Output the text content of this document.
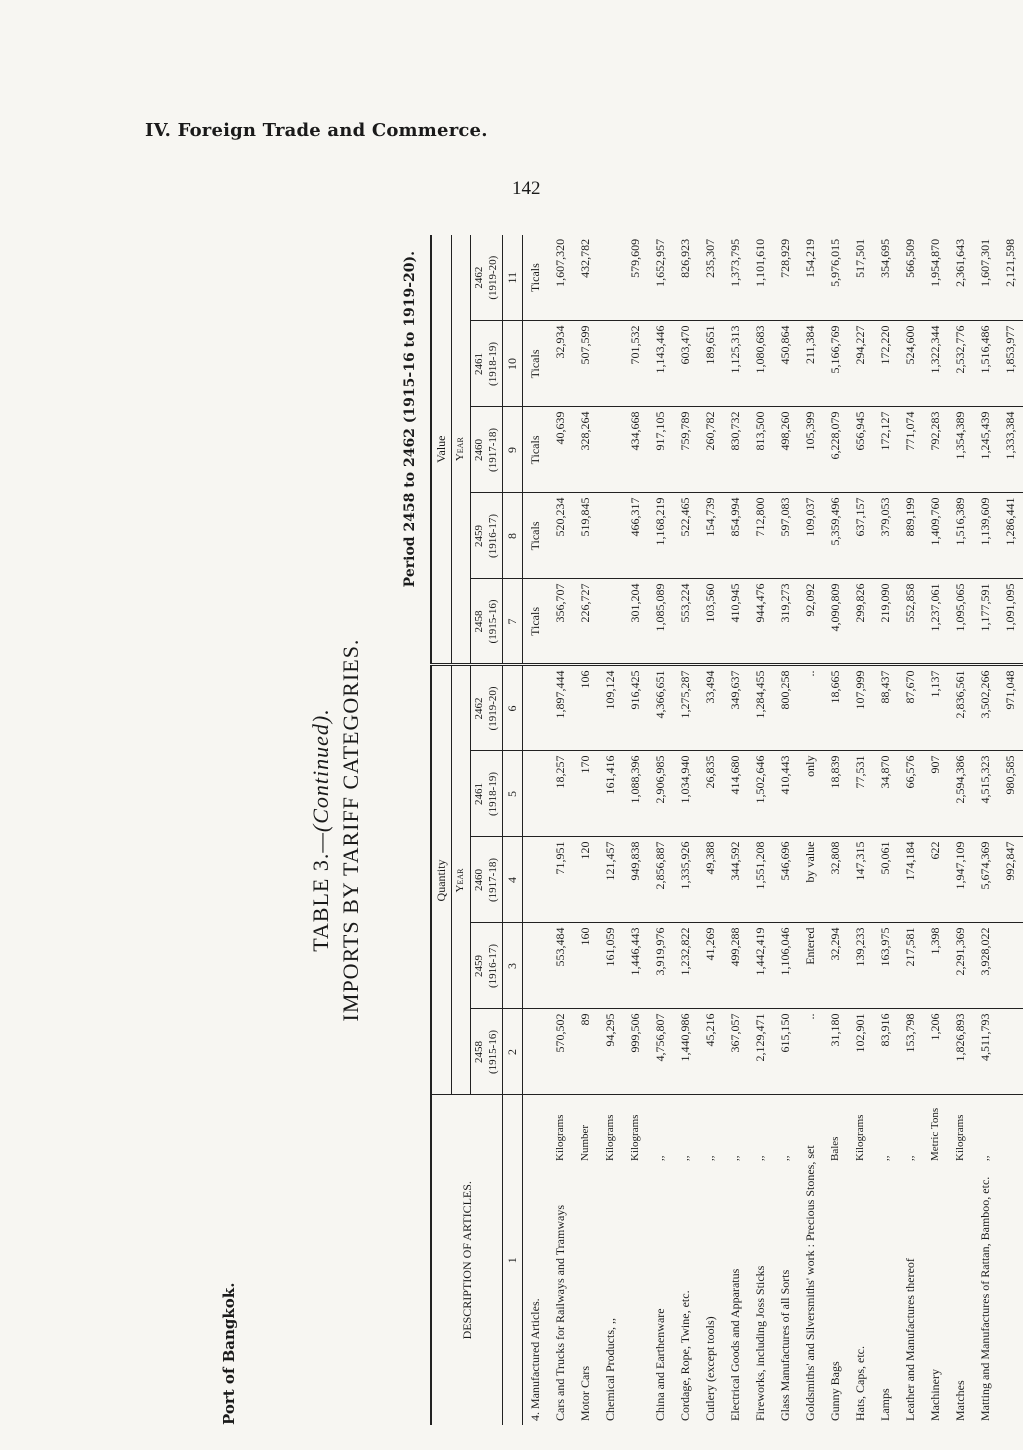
IV. Foreign Trade and Commerce.
142
Port of Bangkok.
TABLE 3.—(Continued). IMPORTS BY TARIFF CATEGORIES.
Period 2458 to 2462 (1915-16 to 1919-20).
DESCRIPTION OF ARTICLES.		Quantity					Value				
		Year					Year				
		2458 (1915-16)	2459 (1916-17)	2460 (1917-18)	2461 (1918-19)	2462 (1919-20)	2458 (1915-16)	2459 (1916-17)	2460 (1917-18)	2461 (1918-19)	2462 (1919-20)
1		2	3	4	5	6	7	8	9	10	11
4. Manufactured Articles.							Ticals	Ticals	Ticals	Ticals	Ticals
Cars and Trucks for Railways and Tramways	Kilograms	570,502	553,484	71,951	18,257	1,897,444	356,707	520,234	40,639	32,934	1,607,320
Motor Cars	Number	89	160	120	170	106	226,727	519,845	328,264	507,599	432,782
Chemical Products, ,,	Kilograms	94,295	161,059	121,457	161,416	109,124					
	Kilograms	999,506	1,446,443	949,838	1,088,396	916,425	301,204	466,317	434,668	701,532	579,609
China and Earthenware	,,	4,756,807	3,919,976	2,856,887	2,906,985	4,366,651	1,085,089	1,168,219	917,105	1,143,446	1,652,957
Cordage, Rope, Twine, etc.	,,	1,440,986	1,232,822	1,335,926	1,034,940	1,275,287	553,224	522,465	759,789	603,470	826,923
Cutlery (except tools)	,,	45,216	41,269	49,388	26,835	33,494	103,560	154,739	260,782	189,651	235,307
Electrical Goods and Apparatus	,,	367,057	499,288	344,592	414,680	349,637	410,945	854,994	830,732	1,125,313	1,373,795
Fireworks, including Joss Sticks	,,	2,129,471	1,442,419	1,551,208	1,502,646	1,284,455	944,476	712,800	813,500	1,080,683	1,101,610
Glass Manufactures of all Sorts	,,	615,150	1,106,046	546,696	410,443	800,258	319,273	597,083	498,260	450,864	728,929
Goldsmiths' and Silversmiths' work : Precious Stones, set		..	Entered	by value	only	..	92,092	109,037	105,399	211,384	154,219
Gunny Bags	Bales	31,180	32,294	32,808	18,839	18,665	4,090,809	5,359,496	6,228,079	5,166,769	5,976,015
Hats, Caps, etc.	Kilograms	102,901	139,233	147,315	77,531	107,999	299,826	637,157	656,945	294,227	517,501
Lamps	,,	83,916	163,975	50,061	34,870	88,437	219,090	379,053	172,127	172,220	354,695
Leather and Manufactures thereof	,,	153,798	217,581	174,184	66,576	87,670	552,858	889,199	771,074	524,600	566,509
Machinery	Metric Tons	1,206	1,398	622	907	1,137	1,237,061	1,409,760	792,283	1,322,344	1,954,870
Matches	Kilograms	1,826,893	2,291,369	1,947,109	2,594,386	2,836,561	1,095,065	1,516,389	1,354,389	2,532,776	2,361,643
Matting and Manufactures of Rattan, Bamboo, etc.	,,	4,511,793	3,928,022	5,674,369	4,515,323	3,502,266	1,177,591	1,139,609	1,245,439	1,516,486	1,607,301
				992,847	980,585	971,048	1,091,095	1,286,441	1,333,384	1,853,977	2,121,598
